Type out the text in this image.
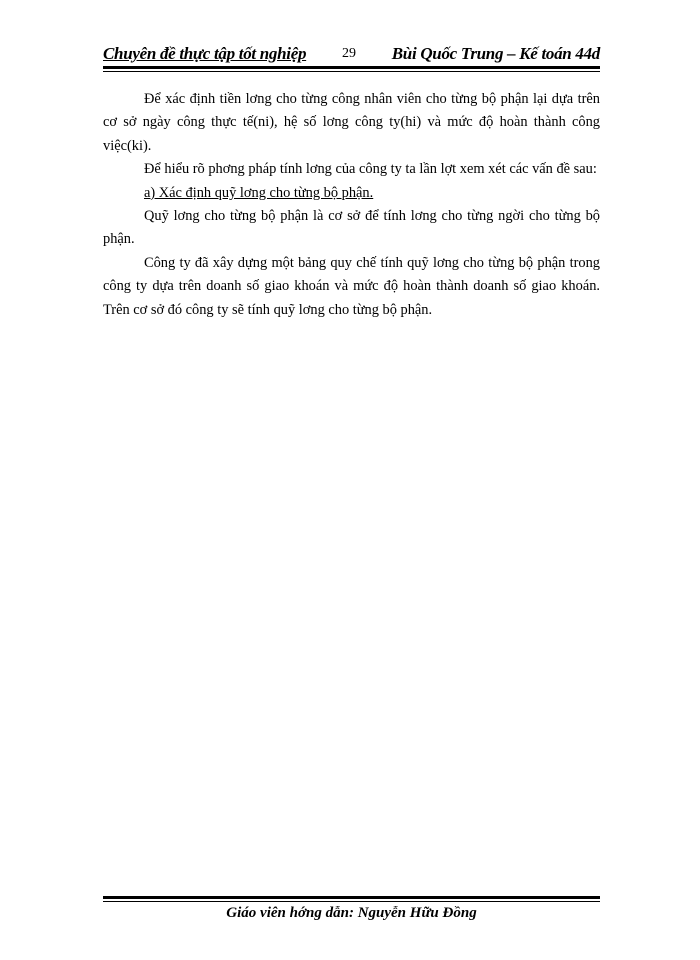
Chuyên đề thực tập tốt nghiệp	29 Bùi Quốc Trung – Kế toán 44d

Để xác định tiền lơng cho từng công nhân viên cho từng bộ phận lại dựa trên cơ sở ngày công thực tế(ni), hệ số lơng công ty(hi) và mức độ hoàn thành công việc(ki).

Để hiểu rõ phơng pháp tính lơng của công ty ta lần lợt xem xét các vấn đề sau:

a) Xác định quỹ lơng cho từng bộ phận.

Quỹ lơng cho từng bộ phận là cơ sở để tính lơng cho từng ngời cho từng bộ phận.

Công ty đã xây dựng một bảng quy chế tính quỹ lơng cho từng bộ phận trong công ty dựa trên doanh số giao khoán và mức độ hoàn thành doanh số giao khoán. Trên cơ sở đó công ty sẽ tính quỹ lơng cho từng bộ phận.

Giáo viên hớng dẫn: Nguyễn Hữu Đồng
